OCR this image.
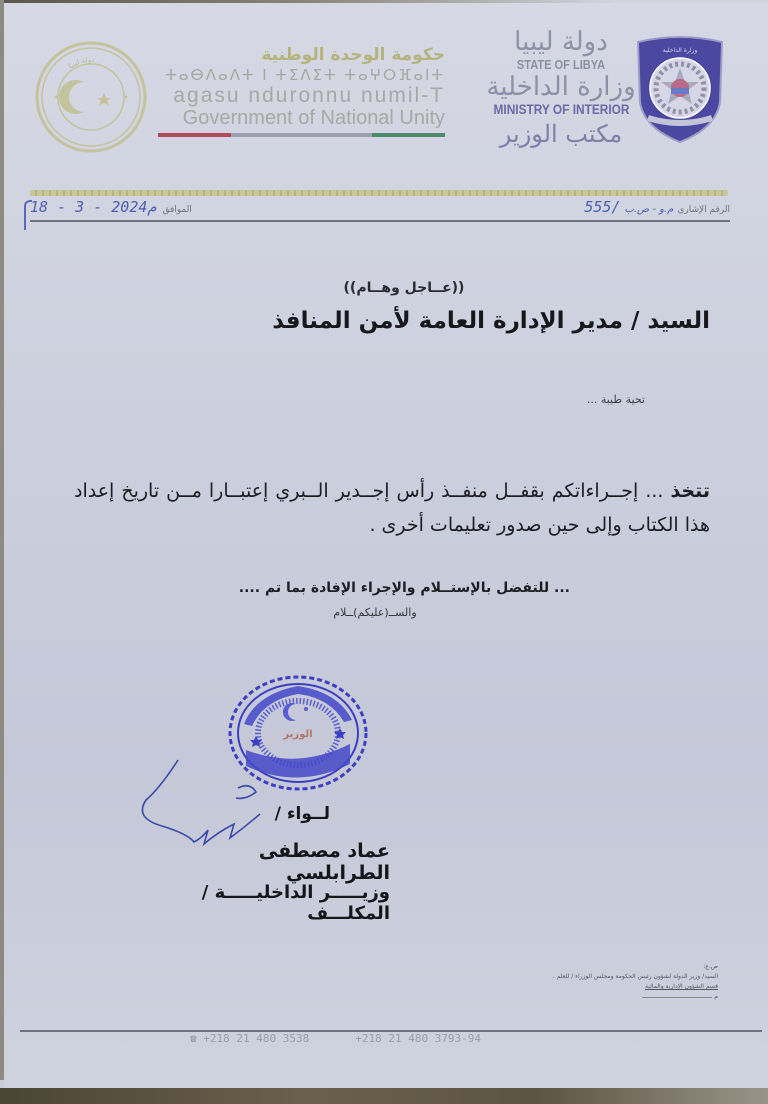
دولة ليبيا	حكومة الوحدة الوطنية
ⵜⴰⴱⴷⴰⴷⵜ ⵏ ⵜⵉⴷⵉⵜ ⵜⴰⵖⵔⴼⴰⵏⵜ
agasu nduronnu numil-T
Government of National Unity
دولة ليبيا
STATE OF LIBYA
وزارة الداخلية
MINISTRY OF INTERIOR
مكتب الوزير
وزارة الداخلية
18 - 3 - 2024م الموافق	555/ م.و - ص.ب الرقم الإشاري
((عــاجل وهــام))
السيد / مدير الإدارة العامة لأمن المنافذ
تحية طيبة ...
تتخذ ... إجــراءاتكم بقفــل منفــذ رأس إجــدير الــبري إعتبــارا مــن تاريخ إعداد هذا الكتاب وإلى حين صدور تعليمات أخرى .
... للتفضل بالإستــلام والإجراء الإفادة بما تم ....
والســ(عليكم)ــلام
الوزير
لــواء /
عماد مصطفى الطرابلسي
وزيـــــر الداخليـــــة / المكلـــف
ص.ع:
السيد/ وزير الدولة لشؤون رئيس الحكومة ومجلس الوزراء / للعلم .
قسم الشؤون الإدارية والمالية
م
☎ +218 21 480 3538	+218 21 480 3793-94
